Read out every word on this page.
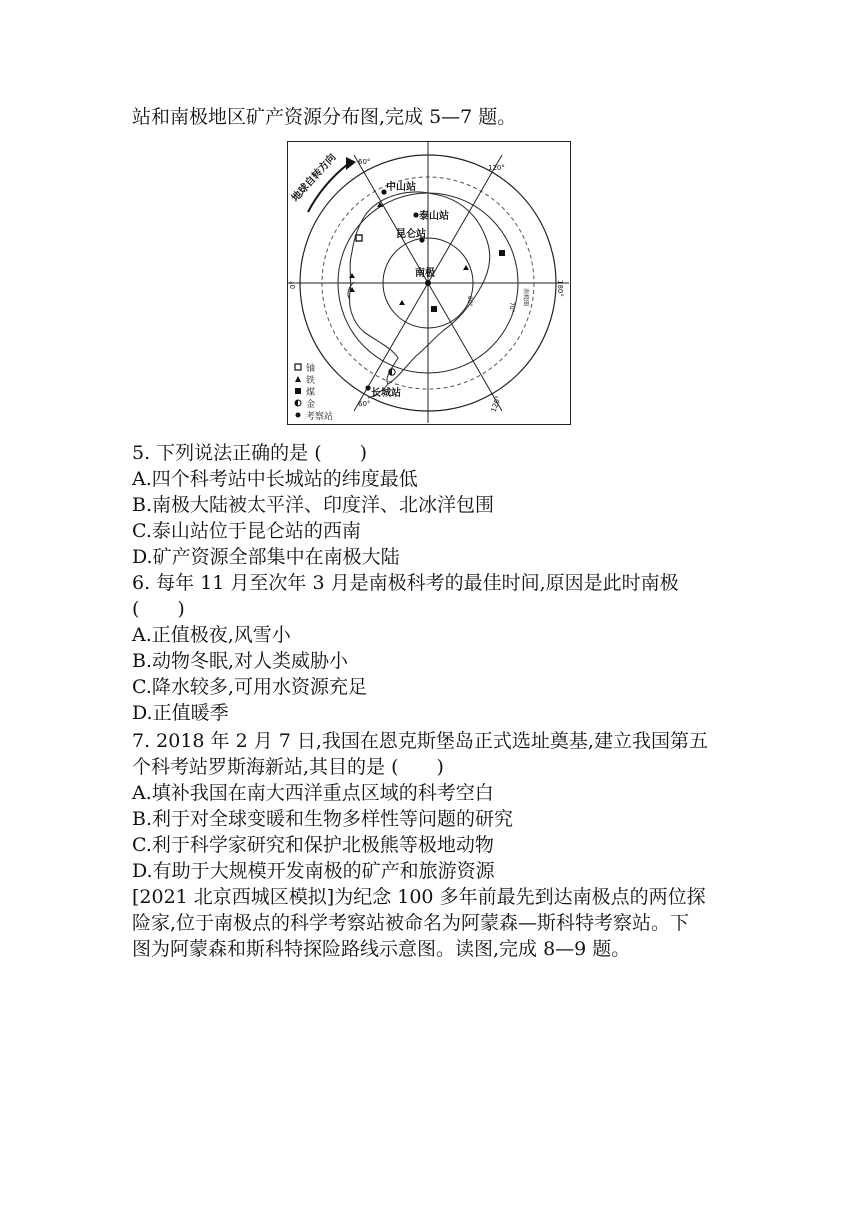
站和南极地区矿产资源分布图,完成 5—7 题。
地球自转方向	60°
120°
0°	180°
60°	120°
80°
70°
南极圈
南极
中山站
泰山站
昆仑站
长城站
铀
铁
煤
金
考察站
5. 下列说法正确的是 (　　)
A.四个科考站中长城站的纬度最低
B.南极大陆被太平洋、印度洋、北冰洋包围
C.泰山站位于昆仑站的西南
D.矿产资源全部集中在南极大陆
6. 每年 11 月至次年 3 月是南极科考的最佳时间,原因是此时南极
(　　)
A.正值极夜,风雪小
B.动物冬眠,对人类威胁小
C.降水较多,可用水资源充足
D.正值暖季
7. 2018 年 2 月 7 日,我国在恩克斯堡岛正式选址奠基,建立我国第五
个科考站罗斯海新站,其目的是 (　　)
A.填补我国在南大西洋重点区域的科考空白
B.利于对全球变暖和生物多样性等问题的研究
C.利于科学家研究和保护北极熊等极地动物
D.有助于大规模开发南极的矿产和旅游资源
[2021 北京西城区模拟]为纪念 100 多年前最先到达南极点的两位探
险家,位于南极点的科学考察站被命名为阿蒙森—斯科特考察站。下
图为阿蒙森和斯科特探险路线示意图。读图,完成 8—9 题。
